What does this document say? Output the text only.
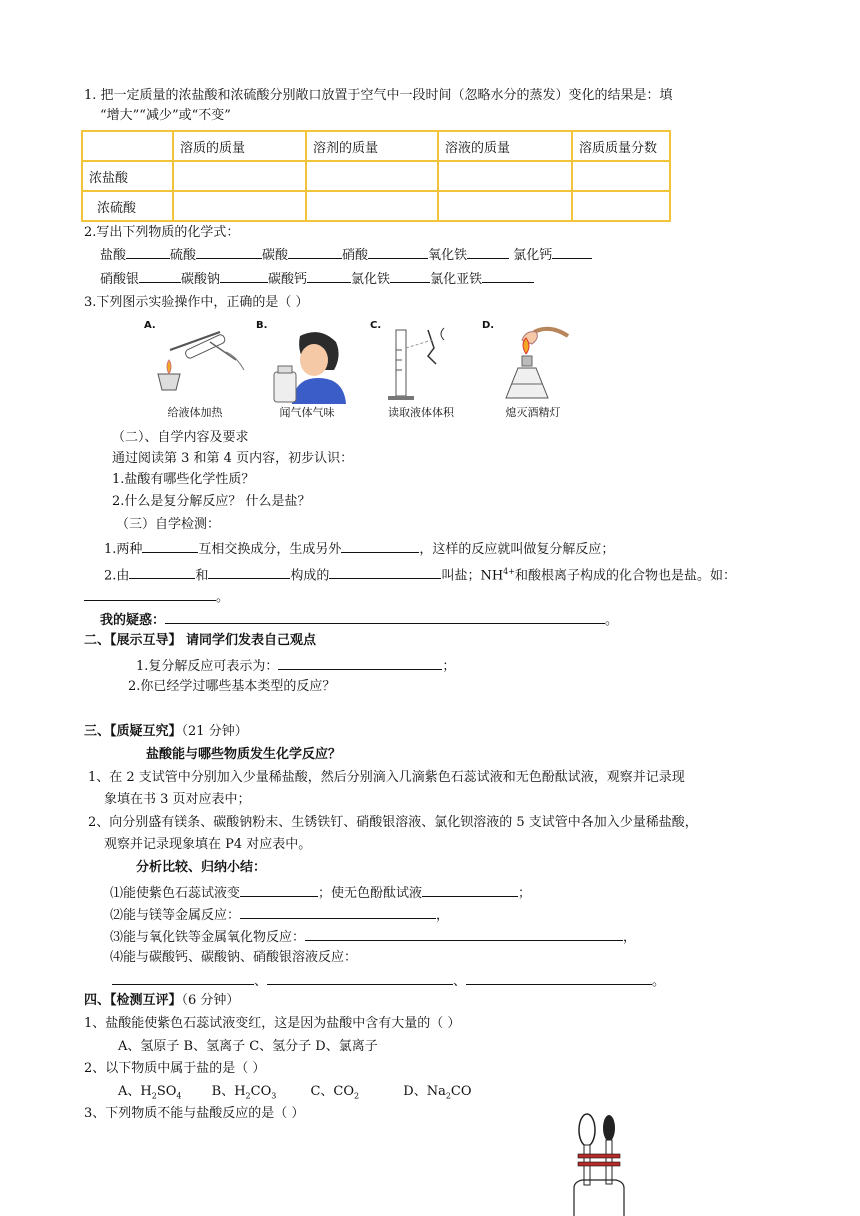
1. 把一定质量的浓盐酸和浓硫酸分别敞口放置于空气中一段时间（忽略水分的蒸发）变化的结果是：填
“增大”“减少”或“不变”
	溶质的质量	溶剂的质量	溶液的质量	溶质质量分数
浓盐酸				
浓硫酸				
2.写出下列物质的化学式：
盐酸	硫酸	碳酸	硝酸	氧化铁	氯化钙
硝酸银	碳酸钠	碳酸钙	氯化铁	氯化亚铁
3.下列图示实验操作中，正确的是（ ）
A.
给液体加热
B.
闻气体气味
C.
读取液体体积
D.
熄灭酒精灯
（二）、自学内容及要求
通过阅读第 3 和第 4 页内容，初步认识：
1.盐酸有哪些化学性质？
2.什么是复分解反应？ 什么是盐？
（三）自学检测：
1.两种	互相交换成分，生成另外	，这样的反应就叫做复分解反应；
2.由	和	构成的	叫盐；$NH^{4+}$和酸根离子构成的化合物也是盐。如：
。
我的疑惑：	。
二、【展示互导】 请同学们发表自己观点
1.复分解反应可表示为：	；
2.你已经学过哪些基本类型的反应？
三、【质疑互究】（21 分钟）
盐酸能与哪些物质发生化学反应？
1、在 2 支试管中分别加入少量稀盐酸，然后分别滴入几滴紫色石蕊试液和无色酚酞试液，观察并记录现
象填在书 3 页对应表中；
2、向分别盛有镁条、碳酸钠粉末、生锈铁钉、硝酸银溶液、氯化钡溶液的 5 支试管中各加入少量稀盐酸，
观察并记录现象填在 P4 对应表中。
分析比较、归纳小结：
⑴能使紫色石蕊试液变	；使无色酚酞试液	；
⑵能与镁等金属反应：	，
⑶能与氧化铁等金属氧化物反应：	，
⑷能与碳酸钙、碳酸钠、硝酸银溶液反应：
、	、	。
四、【检测互评】（6 分钟）
1、盐酸能使紫色石蕊试液变红，这是因为盐酸中含有大量的（ ）
A、氢原子 B、氢离子 C、氢分子 D、氯离子
2、以下物质中属于盐的是（ ）
A、$H_2SO_4$ B、$H_2CO_3$	C、$CO_2$	D、$Na_2CO$
3、下列物质不能与盐酸反应的是（ ）
